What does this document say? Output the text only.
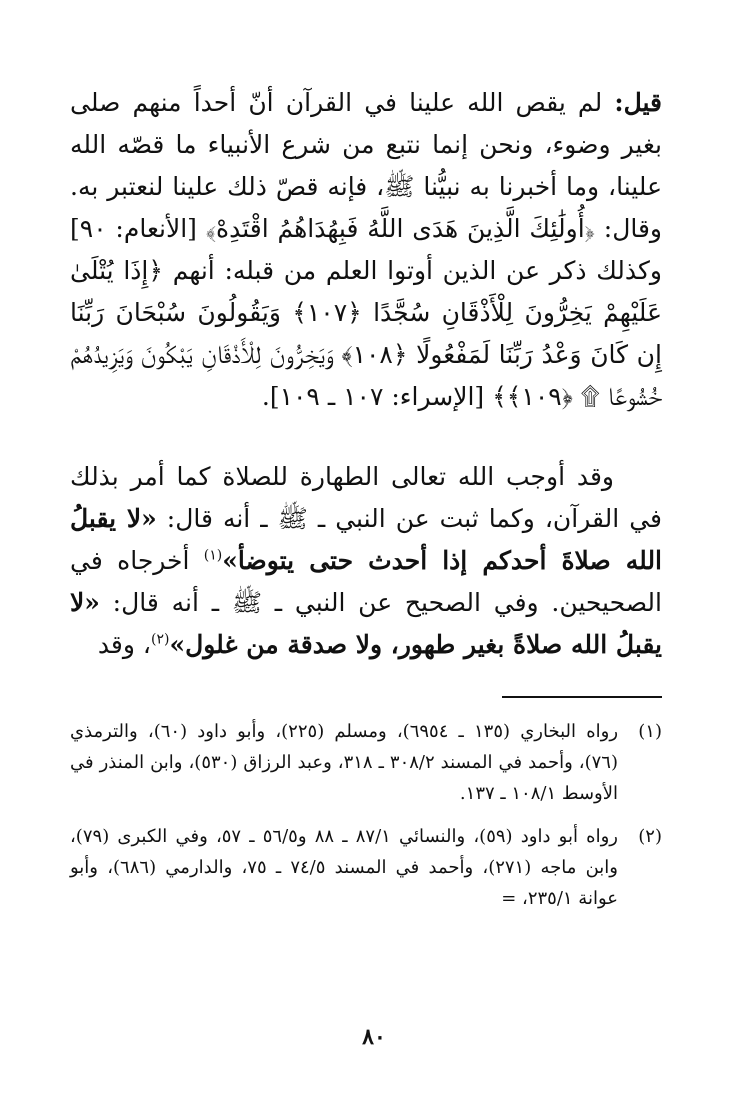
قيل: لم يقص الله علينا في القرآن أنّ أحداً منهم صلى بغير وضوء، ونحن إنما نتبع من شرع الأنبياء ما قصّه الله علينا، وما أخبرنا به نبيُّنا ﷺ، فإنه قصّ ذلك علينا لنعتبر به. وقال: ﴿أُولَٰئِكَ الَّذِينَ هَدَى اللَّهُ فَبِهُدَاهُمُ اقْتَدِهْ﴾ [الأنعام: ٩٠] وكذلك ذكر عن الذين أوتوا العلم من قبله: أنهم ﴿إِذَا يُتْلَىٰ عَلَيْهِمْ يَخِرُّونَ لِلْأَذْقَانِ سُجَّدًا ﴿١٠٧﴾ وَيَقُولُونَ سُبْحَانَ رَبِّنَا إِن كَانَ وَعْدُ رَبِّنَا لَمَفْعُولًا ﴿١٠٨﴾ وَيَخِرُّونَ لِلْأَذْقَانِ يَبْكُونَ وَيَزِيدُهُمْ خُشُوعًا ۩ ﴿١٠٩﴾﴾ [الإسراء: ١٠٧ ـ ١٠٩].

وقد أوجب الله تعالى الطهارة للصلاة كما أمر بذلك في القرآن، وكما ثبت عن النبي ـ ﷺ ـ أنه قال: «لا يقبلُ الله صلاةَ أحدكم إذا أحدث حتى يتوضأ»$^{(١)}$ أخرجاه في الصحيحين. وفي الصحيح عن النبي ـ ﷺ ـ أنه قال: «لا يقبلُ الله صلاةً بغير طهور، ولا صدقة من غلول»$^{(٢)}$، وقد

(١)
رواه البخاري (١٣٥ ـ ٦٩٥٤)، ومسلم (٢٢٥)، وأبو داود (٦٠)، والترمذي (٧٦)، وأحمد في المسند ٣٠٨/٢ ـ ٣١٨، وعبد الرزاق (٥٣٠)، وابن المنذر في الأوسط ١٠٨/١ ـ ١٣٧.
(٢)
رواه أبو داود (٥٩)، والنسائي ٨٧/١ ـ ٨٨ و٥٦/٥ ـ ٥٧، وفي الكبرى (٧٩)، وابن ماجه (٢٧١)، وأحمد في المسند ٧٤/٥ ـ ٧٥، والدارمي (٦٨٦)، وأبو عوانة ٢٣٥/١، =
٨٠
